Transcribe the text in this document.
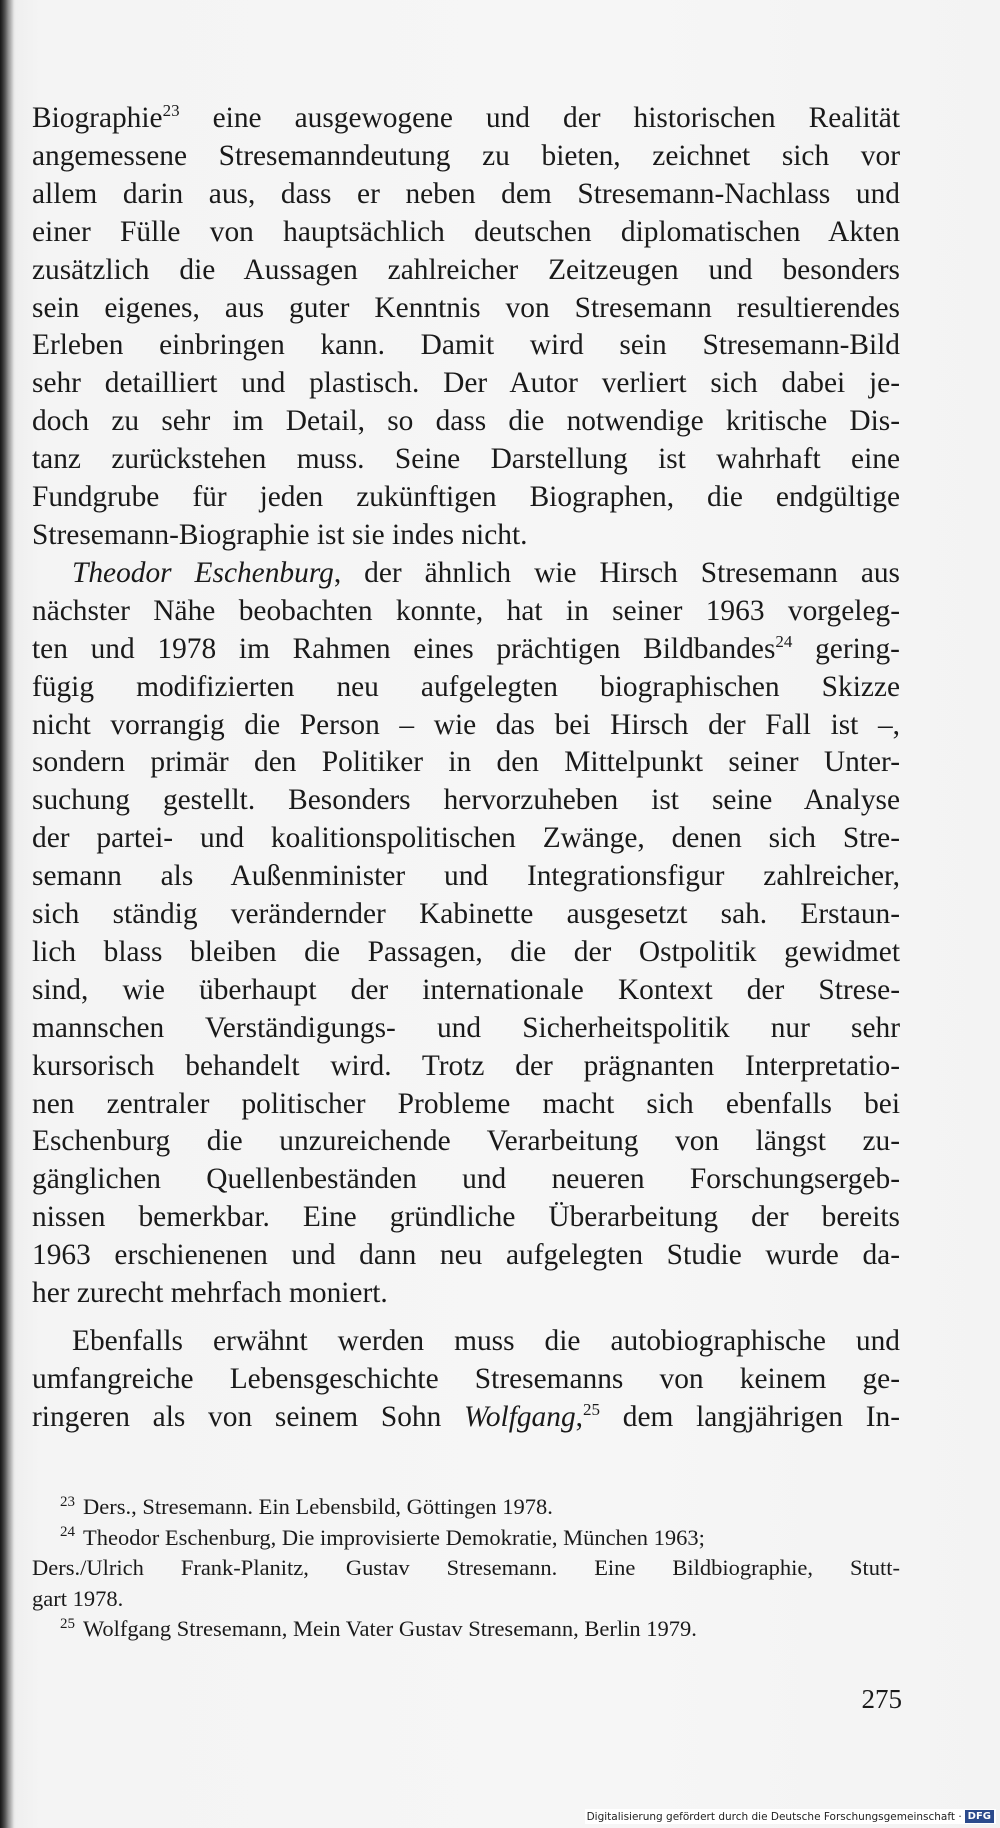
Biographie$^{23}$ eine ausgewogene und der historischen Realität
angemessene Stresemanndeutung zu bieten, zeichnet sich vor
allem darin aus, dass er neben dem Stresemann-Nachlass und
einer Fülle von hauptsächlich deutschen diplomatischen Akten
zusätzlich die Aussagen zahlreicher Zeitzeugen und besonders
sein eigenes, aus guter Kenntnis von Stresemann resultierendes
Erleben einbringen kann. Damit wird sein Stresemann-Bild
sehr detailliert und plastisch. Der Autor verliert sich dabei je-
doch zu sehr im Detail, so dass die notwendige kritische Dis-
tanz zurückstehen muss. Seine Darstellung ist wahrhaft eine
Fundgrube für jeden zukünftigen Biographen, die endgültige
Stresemann-Biographie ist sie indes nicht.
Theodor Eschenburg, der ähnlich wie Hirsch Stresemann aus
nächster Nähe beobachten konnte, hat in seiner 1963 vorgeleg-
ten und 1978 im Rahmen eines prächtigen Bildbandes$^{24}$ gering-
fügig modifizierten neu aufgelegten biographischen Skizze
nicht vorrangig die Person – wie das bei Hirsch der Fall ist –,
sondern primär den Politiker in den Mittelpunkt seiner Unter-
suchung gestellt. Besonders hervorzuheben ist seine Analyse
der partei- und koalitionspolitischen Zwänge, denen sich Stre-
semann als Außenminister und Integrationsfigur zahlreicher,
sich ständig verändernder Kabinette ausgesetzt sah. Erstaun-
lich blass bleiben die Passagen, die der Ostpolitik gewidmet
sind, wie überhaupt der internationale Kontext der Strese-
mannschen Verständigungs- und Sicherheitspolitik nur sehr
kursorisch behandelt wird. Trotz der prägnanten Interpretatio-
nen zentraler politischer Probleme macht sich ebenfalls bei
Eschenburg die unzureichende Verarbeitung von längst zu-
gänglichen Quellenbeständen und neueren Forschungsergeb-
nissen bemerkbar. Eine gründliche Überarbeitung der bereits
1963 erschienenen und dann neu aufgelegten Studie wurde da-
her zurecht mehrfach moniert.
Ebenfalls erwähnt werden muss die autobiographische und
umfangreiche Lebensgeschichte Stresemanns von keinem ge-
ringeren als von seinem Sohn Wolfgang,$^{25}$ dem langjährigen In-
$^{23}$ Ders., Stresemann. Ein Lebensbild, Göttingen 1978.
$^{24}$ Theodor Eschenburg, Die improvisierte Demokratie, München 1963;
Ders./Ulrich Frank-Planitz, Gustav Stresemann. Eine Bildbiographie, Stutt-
gart 1978.
$^{25}$ Wolfgang Stresemann, Mein Vater Gustav Stresemann, Berlin 1979.
275
Digitalisierung gefördert durch die Deutsche Forschungsgemeinschaft · DFG
